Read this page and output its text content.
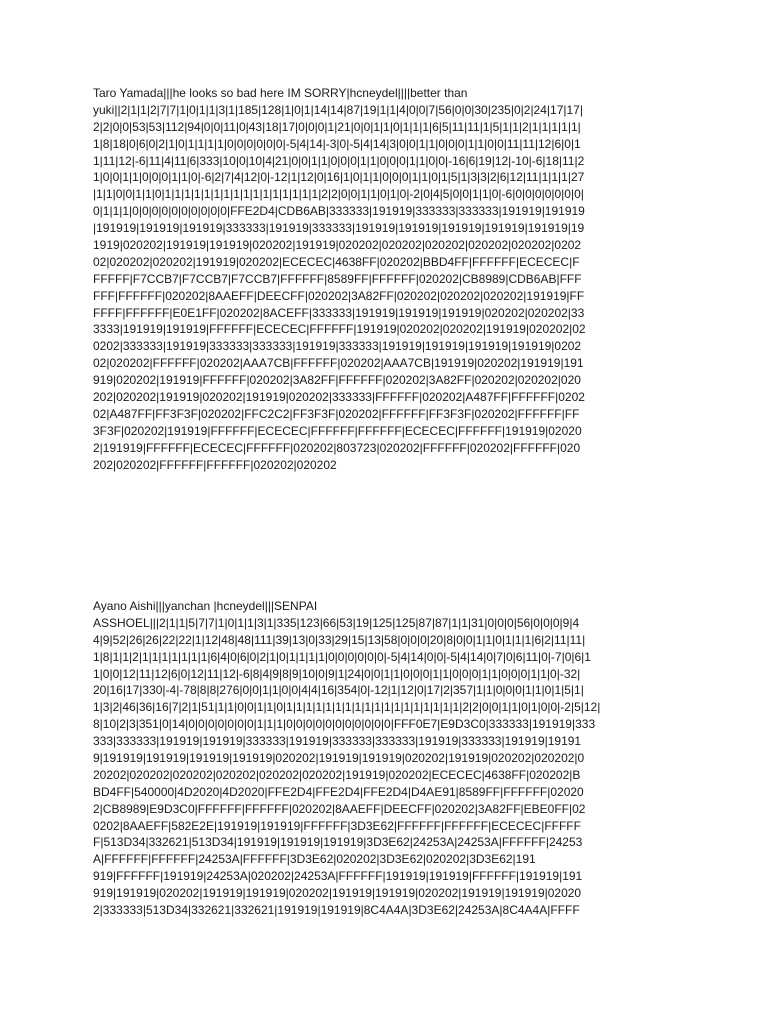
Taro Yamada|||he looks so bad here IM SORRY|hcneydel||||better than
yuki||2|1|1|2|7|7|1|0|1|1|3|1|185|128|1|0|1|14|14|87|19|1|1|4|0|0|7|56|0|0|30|235|0|2|24|17|17|
2|2|0|0|53|53|112|94|0|0|11|0|43|18|17|0|0|0|1|21|0|0|1|1|0|1|1|1|6|5|11|11|1|5|1|1|2|1|1|1|1|1|
1|8|18|0|6|0|2|1|0|1|1|1|1|0|0|0|0|0|0|-5|4|14|-3|0|-5|4|14|3|0|0|1|1|0|0|0|1|1|0|0|11|11|12|6|0|1
1|11|12|-6|11|4|11|6|333|10|0|10|4|21|0|0|1|1|0|0|0|1|1|0|0|0|1|1|0|0|-16|6|19|12|-10|-6|18|11|2
1|0|0|1|1|0|0|0|1|1|0|-6|2|7|4|12|0|-12|1|12|0|16|1|0|1|1|0|0|0|1|1|0|1|5|1|3|3|2|6|12|11|1|1|1|27
|1|1|0|0|1|1|0|1|1|1|1|1|1|1|1|1|1|1|1|1|1|1|1|2|2|0|0|1|1|0|1|0|-2|0|4|5|0|0|1|1|0|-6|0|0|0|0|0|0|0|
0|1|1|1|0|0|0|0|0|0|0|0|0|0|FFE2D4|CDB6AB|333333|191919|333333|333333|191919|191919
|191919|191919|191919|333333|191919|333333|191919|191919|191919|191919|191919|19
1919|020202|191919|191919|020202|191919|020202|020202|020202|020202|020202|0202
02|020202|020202|191919|020202|ECECEC|4638FF|020202|BBD4FF|FFFFFF|ECECEC|F
FFFFF|F7CCB7|F7CCB7|F7CCB7|FFFFFF|8589FF|FFFFFF|020202|CB8989|CDB6AB|FFF
FFF|FFFFFF|020202|8AAEFF|DEECFF|020202|3A82FF|020202|020202|020202|191919|FF
FFFF|FFFFFF|E0E1FF|020202|8ACEFF|333333|191919|191919|191919|020202|020202|33
3333|191919|191919|FFFFFF|ECECEC|FFFFFF|191919|020202|020202|191919|020202|02
0202|333333|191919|333333|333333|191919|333333|191919|191919|191919|191919|0202
02|020202|FFFFFF|020202|AAA7CB|FFFFFF|020202|AAA7CB|191919|020202|191919|191
919|020202|191919|FFFFFF|020202|3A82FF|FFFFFF|020202|3A82FF|020202|020202|020
202|020202|191919|020202|191919|020202|333333|FFFFFF|020202|A487FF|FFFFFF|0202
02|A487FF|FF3F3F|020202|FFC2C2|FF3F3F|020202|FFFFFF|FF3F3F|020202|FFFFFF|FF
3F3F|020202|191919|FFFFFF|ECECEC|FFFFFF|FFFFFF|ECECEC|FFFFFF|191919|02020
2|191919|FFFFFF|ECECEC|FFFFFF|020202|803723|020202|FFFFFF|020202|FFFFFF|020
202|020202|FFFFFF|FFFFFF|020202|020202
Ayano Aishi|||yanchan |hcneydel|||SENPAI
ASSHOEL|||2|1|1|5|7|7|1|0|1|1|3|1|335|123|66|53|19|125|125|87|87|1|1|31|0|0|0|56|0|0|0|9|4
4|9|52|26|26|22|22|1|12|48|48|111|39|13|0|33|29|15|13|58|0|0|0|20|8|0|0|1|1|0|1|1|1|6|2|11|11|
1|8|1|1|2|1|1|1|1|1|1|1|6|4|0|6|0|2|1|0|1|1|1|1|0|0|0|0|0|0|-5|4|14|0|0|-5|4|14|0|7|0|6|11|0|-7|0|6|1
1|0|0|12|11|12|6|0|12|11|12|-6|8|4|9|8|9|10|0|9|1|24|0|0|1|1|0|0|0|1|1|0|0|0|1|1|0|0|0|1|1|0|-32|
20|16|17|330|-4|-78|8|8|276|0|0|1|1|0|0|4|4|16|354|0|-12|1|12|0|17|2|357|1|1|0|0|0|1|1|0|1|5|1|
1|3|2|46|36|16|7|2|1|51|1|1|0|0|1|1|0|1|1|1|1|1|1|1|1|1|1|1|1|1|1|1|1|1|1|2|2|0|0|1|1|0|1|0|0|-2|5|12|
8|10|2|3|351|0|14|0|0|0|0|0|0|0|1|1|1|0|0|0|0|0|0|0|0|0|0|0|FFF0E7|E9D3C0|333333|191919|333
333|333333|191919|191919|333333|191919|333333|333333|191919|333333|191919|19191
9|191919|191919|191919|191919|020202|191919|191919|020202|191919|020202|020202|0
20202|020202|020202|020202|020202|020202|191919|020202|ECECEC|4638FF|020202|B
BD4FF|540000|4D2020|4D2020|FFE2D4|FFE2D4|FFE2D4|D4AE91|8589FF|FFFFFF|02020
2|CB8989|E9D3C0|FFFFFF|FFFFFF|020202|8AAEFF|DEECFF|020202|3A82FF|EBE0FF|02
0202|8AAEFF|582E2E|191919|191919|FFFFFF|3D3E62|FFFFFF|FFFFFF|ECECEC|FFFFF
F|513D34|332621|513D34|191919|191919|191919|3D3E62|24253A|24253A|FFFFFF|24253
A|FFFFFF|FFFFFF|24253A|FFFFFF|3D3E62|020202|3D3E62|020202|3D3E62|191
919|FFFFFF|191919|24253A|020202|24253A|FFFFFF|191919|191919|FFFFFF|191919|191
919|191919|020202|191919|191919|020202|191919|191919|020202|191919|191919|02020
2|333333|513D34|332621|332621|191919|191919|8C4A4A|3D3E62|24253A|8C4A4A|FFFF
